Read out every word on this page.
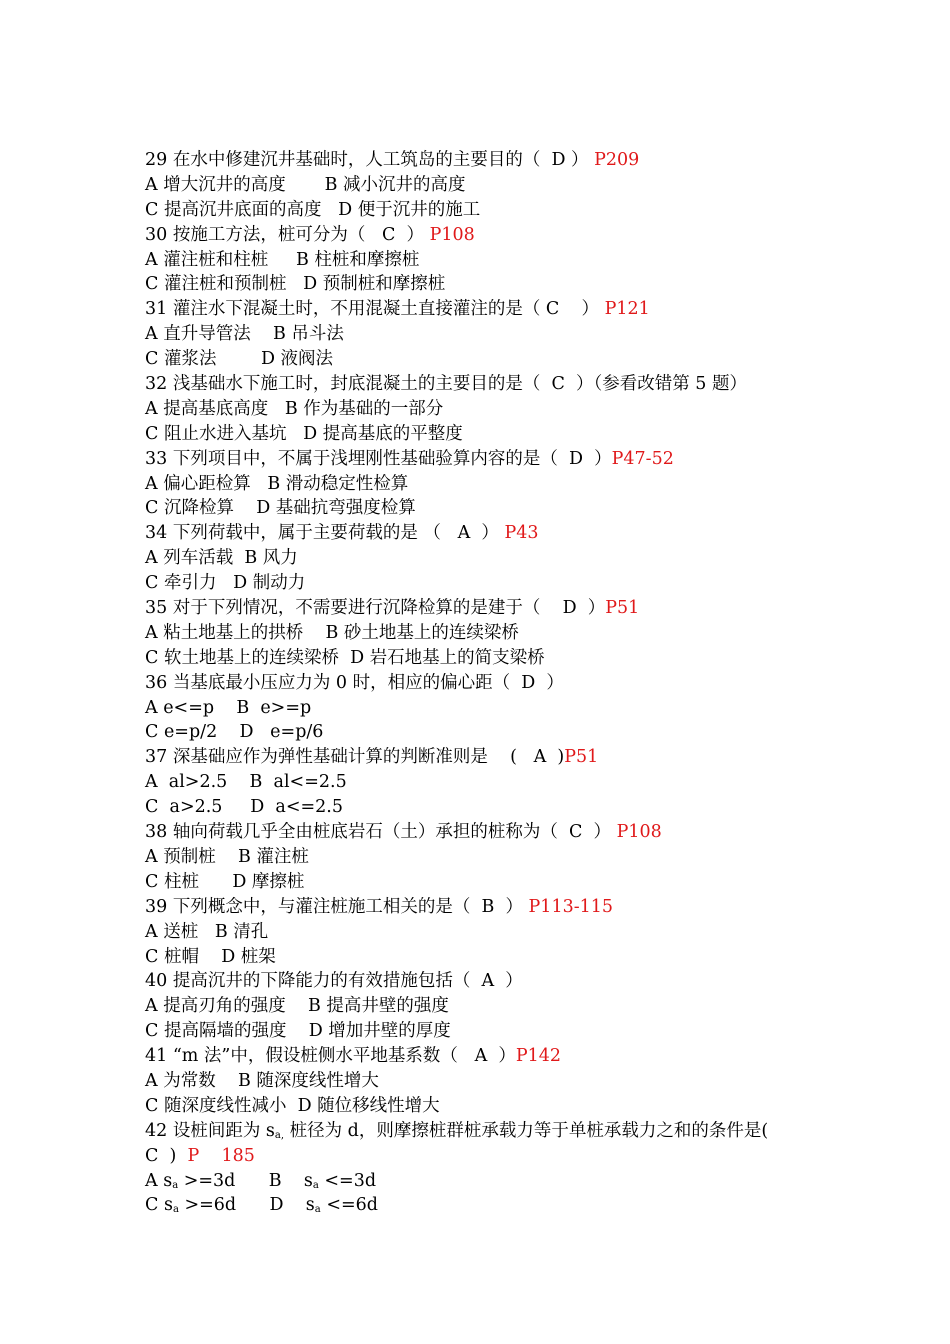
29 在水中修建沉井基础时，人工筑岛的主要目的（  D ） P209
A 增大沉井的高度       B 减小沉井的高度
C 提高沉井底面的高度   D 便于沉井的施工
30 按施工方法，桩可分为（   C  ） P108
A 灌注桩和柱桩     B 柱桩和摩擦桩
C 灌注桩和预制桩   D 预制桩和摩擦桩
31 灌注水下混凝土时，不用混凝土直接灌注的是（ C    ） P121
A 直升导管法    B 吊斗法
C 灌浆法        D 液阀法
32 浅基础水下施工时，封底混凝土的主要目的是（  C  ）（参看改错第 5 题）
A 提高基底高度   B 作为基础的一部分
C 阻止水进入基坑   D 提高基底的平整度
33 下列项目中，不属于浅埋刚性基础验算内容的是（  D  ）P47-52
A 偏心距检算   B 滑动稳定性检算
C 沉降检算    D 基础抗弯强度检算
34 下列荷载中，属于主要荷载的是 （   A  ） P43
A 列车活载  B 风力
C 牵引力   D 制动力
35 对于下列情况，不需要进行沉降检算的是建于（    D  ）P51
A 粘土地基上的拱桥    B 砂土地基上的连续梁桥
C 软土地基上的连续梁桥  D 岩石地基上的简支梁桥
36 当基底最小压应力为 0 时，相应的偏心距（  D  ）
A e<=p    B  e>=p
C e=p/2    D   e=p/6
37 深基础应作为弹性基础计算的判断准则是    (   A  )P51
A  al>2.5    B  al<=2.5
C  a>2.5     D  a<=2.5
38 轴向荷载几乎全由桩底岩石（土）承担的桩称为（  C  ） P108
A 预制桩    B 灌注桩
C 柱桩      D 摩擦桩
39 下列概念中，与灌注桩施工相关的是（  B  ） P113-115
A 送桩   B 清孔
C 桩帽    D 桩架
40 提高沉井的下降能力的有效措施包括（  A  ）
A 提高刃角的强度    B 提高井壁的强度
C 提高隔墙的强度    D 增加井壁的厚度
41 “m 法”中，假设桩侧水平地基系数（   A  ）P142
A 为常数    B 随深度线性增大
C 随深度线性减小  D 随位移线性增大
42 设桩间距为 $s_{a,}$ 桩径为 d，则摩擦桩群桩承载力等于单桩承载力之和的条件是(
C  )  P    185
A $s_a >=3d$      B    $s_a <=3d$
C $s_a >=6d$      D    $s_a <=6d$
